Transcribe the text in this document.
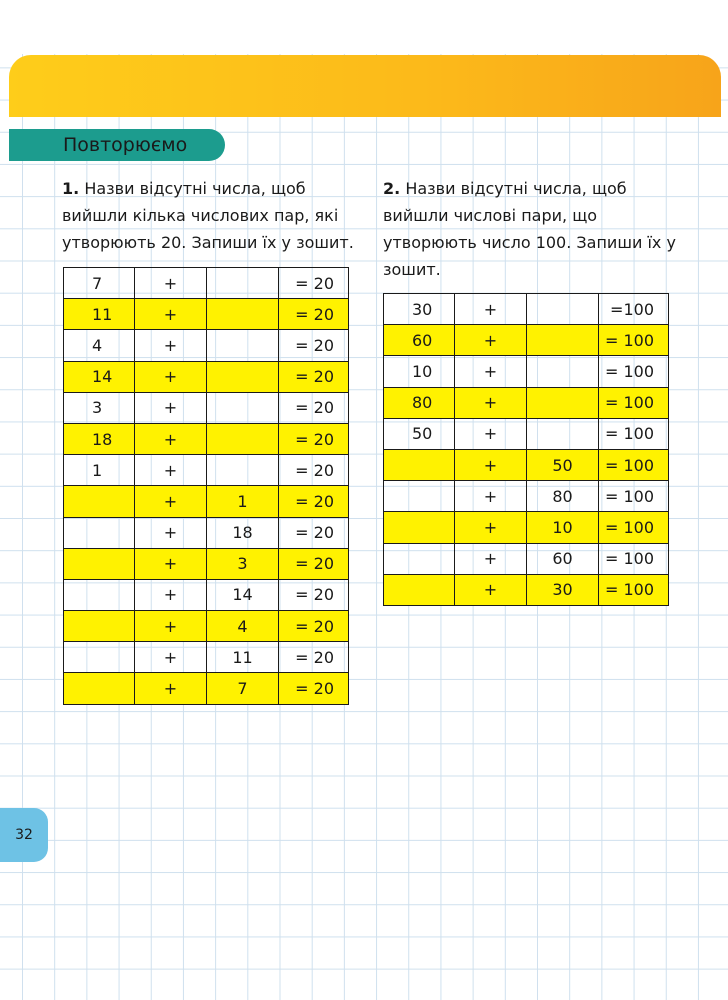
Повторюємо
1. Назви відсутні числа, щоб вийшли кілька числових пар, які утворюють 20. Запиши їх у зошит.
2. Назви відсутні числа, щоб вийшли числові пари, що утворюють число 100. Запиши їх у зошит.
7	+		= 20
11	+		= 20
4	+		= 20
14	+		= 20
3	+		= 20
18	+		= 20
1	+		= 20
	+	1	= 20
	+	18	= 20
	+	3	= 20
	+	14	= 20
	+	4	= 20
	+	11	= 20
	+	7	= 20
30	+		=100
60	+		= 100
10	+		= 100
80	+		= 100
50	+		= 100
	+	50	= 100
	+	80	= 100
	+	10	= 100
	+	60	= 100
	+	30	= 100
32
